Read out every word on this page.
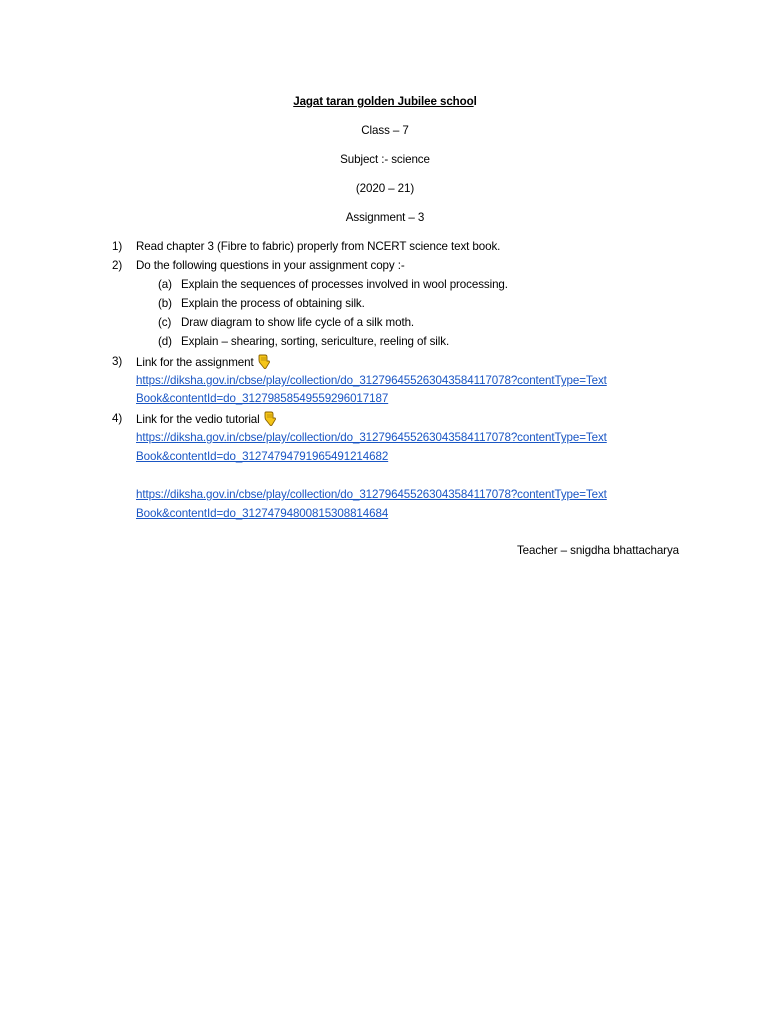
Jagat taran golden Jubilee school
Class – 7
Subject :- science
(2020 – 21)
Assignment – 3
1) Read chapter 3 (Fibre to fabric) properly from NCERT science text book.
2) Do the following questions in your assignment copy :-
(a) Explain the sequences of processes involved in wool processing.
(b) Explain the process of obtaining silk.
(c) Draw diagram to show life cycle of a silk moth.
(d) Explain – shearing, sorting, sericulture, reeling of silk.
3) Link for the assignment
https://diksha.gov.in/cbse/play/collection/do_312796455263043584117078?contentType=Text
Book&contentId=do_31279858549559296017187
4) Link for the vedio tutorial
https://diksha.gov.in/cbse/play/collection/do_312796455263043584117078?contentType=Text
Book&contentId=do_31274794791965491214682
https://diksha.gov.in/cbse/play/collection/do_312796455263043584117078?contentType=Text
Book&contentId=do_31274794800815308814684
Teacher – snigdha bhattacharya
